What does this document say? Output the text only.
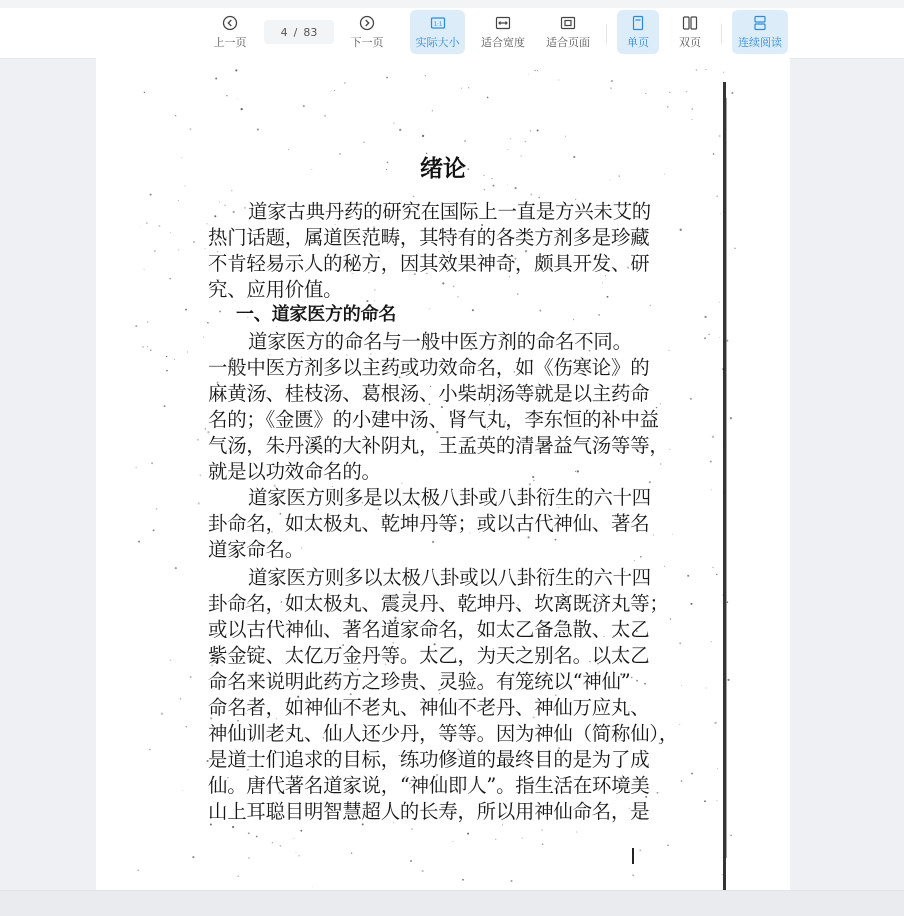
上一页
4 / 83
下一页
1:1
实际大小 适合宽度 适合页面	单页	双页	连续阅读
绪论
道家古典丹药的研究在国际上一直是方兴未艾的
热门话题，属道医范畴，其特有的各类方剂多是珍藏
不肯轻易示人的秘方，因其效果神奇，颇具开发、研
究、应用价值。
一、道家医方的命名
道家医方的命名与一般中医方剂的命名不同。
一般中医方剂多以主药或功效命名，如《伤寒论》的
麻黄汤、桂枝汤、葛根汤、小柴胡汤等就是以主药命
名的；《金匮》的小建中汤、肾气丸，李东恒的补中益
气汤，朱丹溪的大补阴丸，王孟英的清暑益气汤等等，
就是以功效命名的。
道家医方则多是以太极八卦或八卦衍生的六十四
卦命名，如太极丸、乾坤丹等；或以古代神仙、著名
道家命名。
道家医方则多以太极八卦或以八卦衍生的六十四
卦命名，如太极丸、震灵丹、乾坤丹、坎离既济丸等；
或以古代神仙、著名道家命名，如太乙备急散、太乙
紫金锭、太亿万金丹等。太乙，为天之别名。以太乙
命名来说明此药方之珍贵、灵验。有笼统以“神仙”
命名者，如神仙不老丸、神仙不老丹、神仙万应丸、
神仙训老丸、仙人还少丹，等等。因为神仙（简称仙），
是道士们追求的目标，练功修道的最终目的是为了成
仙。唐代著名道家说，“神仙即人”。指生活在环境美
山上耳聪目明智慧超人的长寿，所以用神仙命名，是
